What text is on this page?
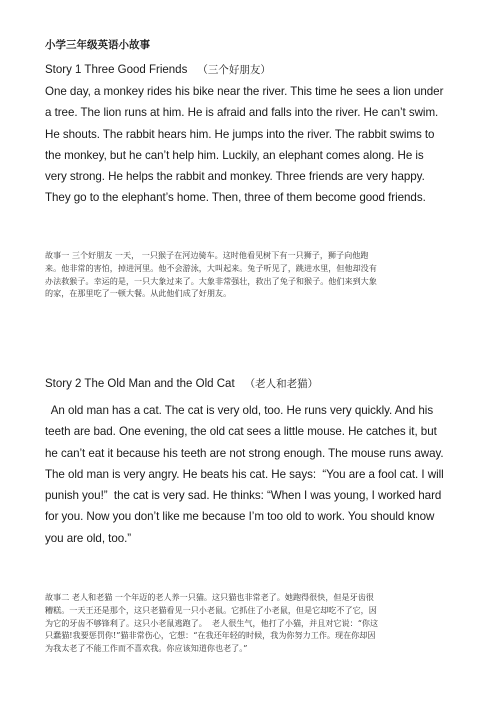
小学三年级英语小故事
Story 1 Three Good Friends （三个好朋友）
One day, a monkey rides his bike near the river. This time he sees a lion under
a tree. The lion runs at him. He is afraid and falls into the river. He can’t swim.
He shouts. The rabbit hears him. He jumps into the river. The rabbit swims to
the monkey, but he can’t help him. Luckily, an elephant comes along. He is
very strong. He helps the rabbit and monkey. Three friends are very happy.
They go to the elephant’s home. Then, three of them become good friends.
故事一 三个好朋友 一天， 一只猴子在河边骑车。这时他看见树下有一只狮子，狮子向他跑
来。他非常的害怕，掉进河里。他不会游泳，大叫起来。兔子听见了，跳进水里，但他却没有
办法救猴子。幸运的是，一只大象过来了。大象非常强壮，救出了兔子和猴子。他们来到大象
的家，在那里吃了一顿大餐。从此他们成了好朋友。
Story 2 The Old Man and the Old Cat （老人和老猫）
An old man has a cat. The cat is very old, too. He runs very quickly. And his
teeth are bad. One evening, the old cat sees a little mouse. He catches it, but
he can’t eat it because his teeth are not strong enough. The mouse runs away.
The old man is very angry. He beats his cat. He says:  “You are a fool cat. I will
punish you!”  the cat is very sad. He thinks: “When I was young, I worked hard
for you. Now you don’t like me because I’m too old to work. You should know
you are old, too.”
故事二 老人和老猫 一个年迈的老人养一只猫。这只猫也非常老了。她跑得很快，但是牙齿很
糟糕。一天王还是那个，这只老猫看见一只小老鼠。它抓住了小老鼠，但是它却吃不了它，因
为它的牙齿不够锋利了。这只小老鼠逃跑了。  老人很生气，他打了小猫，并且对它说：“你这
只蠢猫!我要惩罚你!”猫非常伤心，它想：“在我还年轻的时候，我为你努力工作。现在你却因
为我太老了不能工作而不喜欢我。你应该知道你也老了。”
